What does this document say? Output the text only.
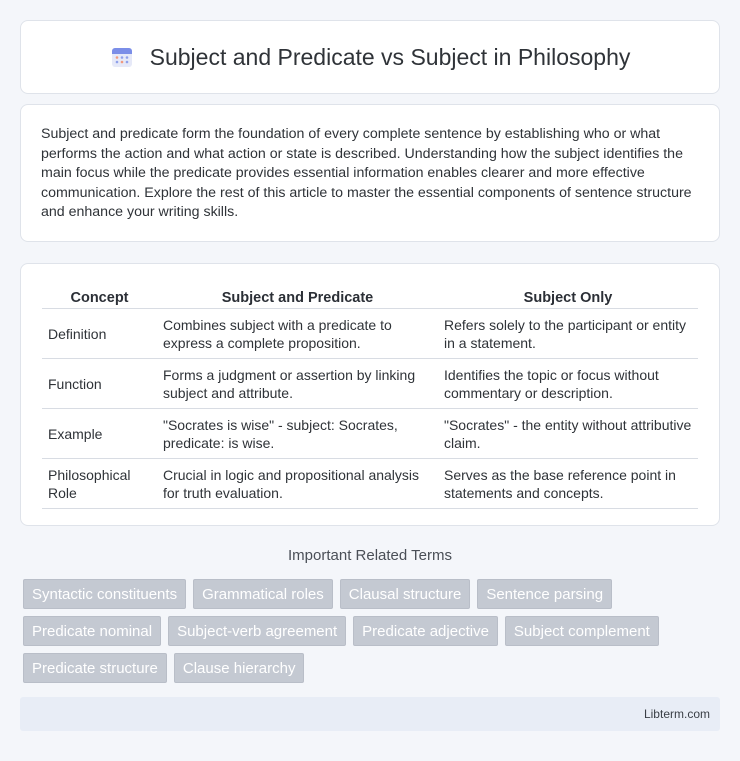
Subject and Predicate vs Subject in Philosophy

Subject and predicate form the foundation of every complete sentence by establishing who or what performs the action and what action or state is described. Understanding how the subject identifies the main focus while the predicate provides essential information enables clearer and more effective communication. Explore the rest of this article to master the essential components of sentence structure and enhance your writing skills.

Concept	Subject and Predicate	Subject Only
Definition	Combines subject with a predicate to express a complete proposition.	Refers solely to the participant or entity in a statement.
Function	Forms a judgment or assertion by linking subject and attribute.	Identifies the topic or focus without commentary or description.
Example	"Socrates is wise" - subject: Socrates, predicate: is wise.	"Socrates" - the entity without attributive claim.
Philosophical Role	Crucial in logic and propositional analysis for truth evaluation.	Serves as the base reference point in statements and concepts.
Important Related Terms
Syntactic constituents	Grammatical roles	Clausal structure	Sentence parsing
Predicate nominal	Subject-verb agreement	Predicate adjective	Subject complement
Predicate structure	Clause hierarchy
Libterm.com
